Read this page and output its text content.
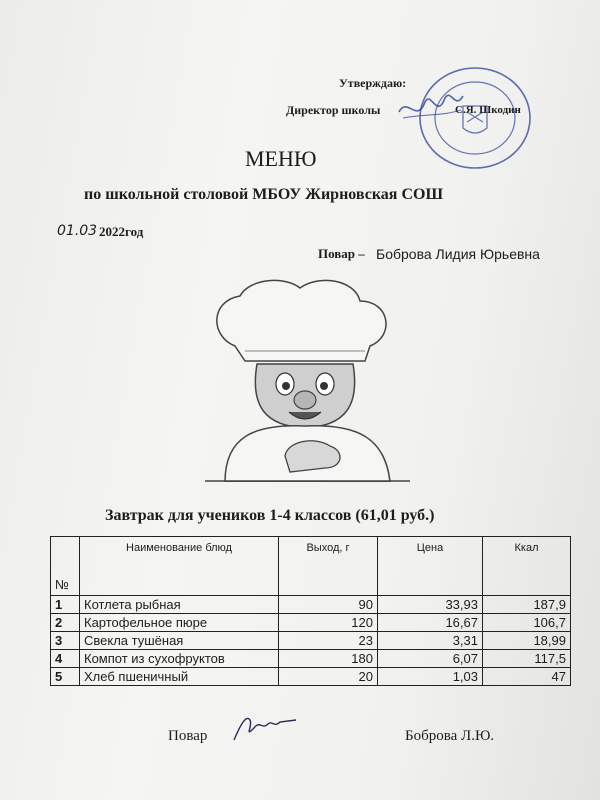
Утверждаю:
Директор школы	С.Я. Шкодин
МЕНЮ
по школьной столовой МБОУ Жирновская СОШ
01.03 2022год
Повар – Боброва Лидия Юрьевна
Завтрак для учеников 1-4 классов (61,01 руб.)
№	Наименование блюд	Выход, г	Цена	Ккал
1	Котлета рыбная	90	33,93	187,9
2	Картофельное пюре	120	16,67	106,7
3	Свекла тушёная	23	3,31	18,99
4	Компот из сухофруктов	180	6,07	117,5
5	Хлеб пшеничный	20	1,03	47
Повар	Боброва Л.Ю.
